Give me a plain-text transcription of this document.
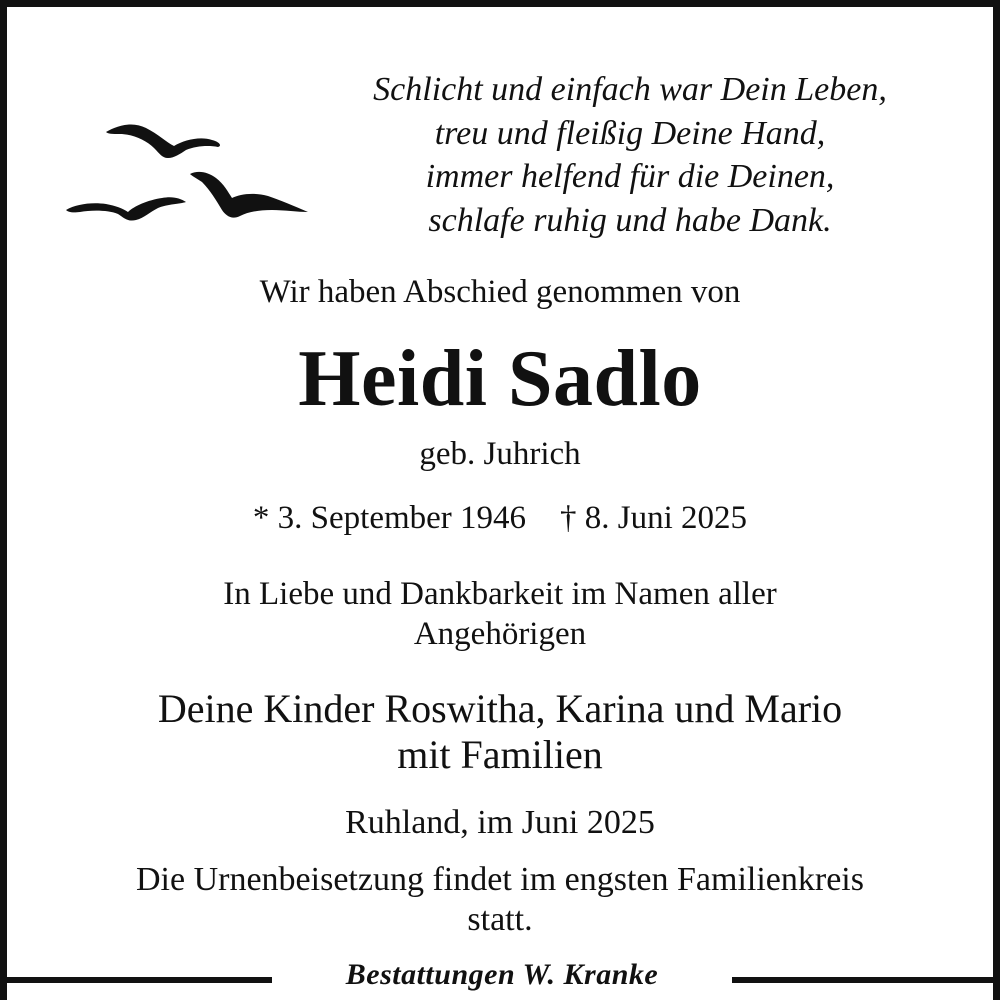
Schlicht und einfach war Dein Leben,
treu und fleißig Deine Hand,
immer helfend für die Deinen,
schlafe ruhig und habe Dank.
Wir haben Abschied genommen von
Heidi Sadlo
geb. Juhrich
* 3. September 1946 † 8. Juni 2025
In Liebe und Dankbarkeit im Namen aller
Angehörigen
Deine Kinder Roswitha, Karina und Mario
mit Familien
Ruhland, im Juni 2025
Die Urnenbeisetzung findet im engsten Familienkreis
statt.
Bestattungen W. Kranke
